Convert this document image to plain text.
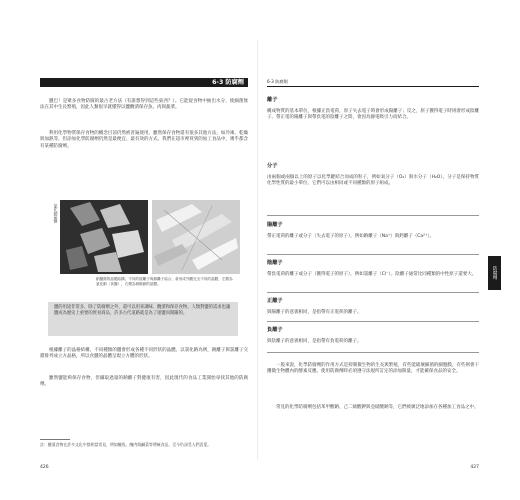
6-3 防腐劑

鹽巴！是眾多食物防腐的最古老方法（有誰想得到這些東西？）。它能從食物中抽出水分，使細菌無法在其中生長繁殖，因此人類很早就懂得以鹽醃漬保存魚、肉與蔬菜。

利用化學物質保存食物的概念目前仍然被普遍使用，雖然保存食物還有很多其他方法，如冷凍、乾燥與加熱等，但添加化學防腐劑仍然是最便宜、最有效的方式。我們在超市裡買到的加工食品中，幾乎都含有某種防腐劑。

鈉鹽類的晶體結構。不同的陰離子與鈉離子結合，會形成外觀完全不同的晶體，左側為氯化鈉（食鹽），右側為硝酸鈉的晶體。
氯化鈉晶體
鹽的用途非常多，除了防腐劑之外，還可以用來調味、醃漬和保存食物。人類對鹽的需求也讓鹽成為歷史上重要的貿易商品，許多古代道路就是為了運鹽而開闢的。

根據離子的晶格結構，不同種類的鹽會形成各種不同形狀的晶體。以氯化鈉為例，鈉離子與氯離子交錯排列成立方晶格，所以食鹽的晶體呈現立方體的形狀。

雖然鹽能夠保存食物，但攝取過量的鈉離子對健康有害，因此現代的食品工業開始尋找其他的防腐劑。

註：鹽漬食物在許多文化中都相當常見，例如醃魚、醃肉與鹹菜等傳統食品，至今仍深受人們喜愛。
426
6-3 防腐劑
離子

構成物質的基本單位，根據正負電荷，原子失去電子時會形成陽離子；反之，原子獲得電子時則會形成陰離子。帶正電的陽離子與帶負電的陰離子之間，會因為靜電吸引力而結合。

分子

由兩個或兩個以上的原子以化學鍵結合而成的粒子，例如氧分子（O₂）與水分子（H₂O）。分子是保持物質化學性質的最小單位，它們可以由相同或不同種類的原子組成。

陽離子

帶正電荷的離子或分子（失去電子的原子），例如鈉離子（Na⁺）與鈣離子（Ca²⁺）。

陰離子

帶負電荷的離子或分子（獲得電子的原子），例如氯離子（Cl⁻）。陰離子通常比同種類的中性原子還要大。

正離子

與陽離子的意義相同，是指帶有正電荷的離子。

負離子

與陰離子的意義相同，是指帶有負電荷的離子。

一般來說，化學防腐劑的作用方式是抑制微生物的生長與繁殖，有些能破壞細菌的細胞膜，有些則會干擾微生物體內的酵素反應。使用防腐劑時必須遵守法規所訂定的添加限量，才能確保食品的安全。

常見的化學防腐劑包括苯甲酸鈉、己二烯酸鉀與亞硝酸鈉等，它們被廣泛地添加在各種加工食品之中。

427
防腐劑
